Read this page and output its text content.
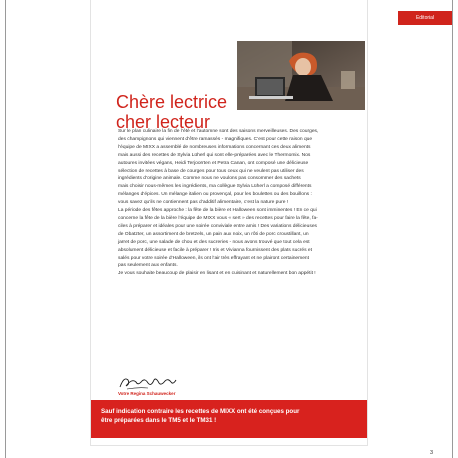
Editorial
Chère lectrice
cher lecteur

Sur le plan culinaire la fin de l’été et l’automne sont des saisons merveilleuses. Des courges,

des champignons qui viennent d’être ramassés - magnifiques. C’est pour cette raison que

l’équipe de MIXX a assemblé de nombreuses informations concernant ces deux aliments

mais aussi des recettes de Sylvia Lüherl qui sont elle-préparées avec le Thermomix. Nos

autoures invitées végans, Heidi Terjoorrten et Petra Canan, ont composé une délicieuse

sélection de recettes à base de courges pour tous ceux qui ne veulent pas utiliser des

ingrédients d’origine animale. Comme nous ne voulons pas consommer des sachets

mais choisir nous-mêmes les ingrédients, ma collègue Sylvia Lüherl a composé différents

mélanges d’épices. Un mélange italien ou provençal, pour les boulettes ou des bouillons :

vous savez qu’ils ne contiennent pas d’additif alimentaire, c’est la nature pure !

La période des fêtes approche : la fête de la bière et Halloween sont imminentes ! En ce qui

concerne la fête de la bière l’équipe de MIXX vous « sert » des recettes pour faire la fête, fa-

ciles à préparer et idéales pour une soirée conviviale entre amis ! Des variations délicieuses

de Obatzter, un assortiment de bretzels, un pain aux noix, un rôti de porc croustillant, un

jarret de porc, une salade de chou et des sucreries - nous avons trouvé que tout cela est

absolument délicieuse et facile à préparer ! Iris et Vivianna fournissent des plats sucrés et

salés pour votre soirée d’Halloween, ils ont l’air très effrayant et ne plairont certainement

pas seulement aux enfants.

Je vous souhaite beaucoup de plaisir en lisant et en cuisinant et naturellement bon appétit !

Votre Regina Schauwecker
Sauf indication contraire les recettes de MIXX ont été conçues pour
être préparées dans le TM5 et le TM31 !
3
